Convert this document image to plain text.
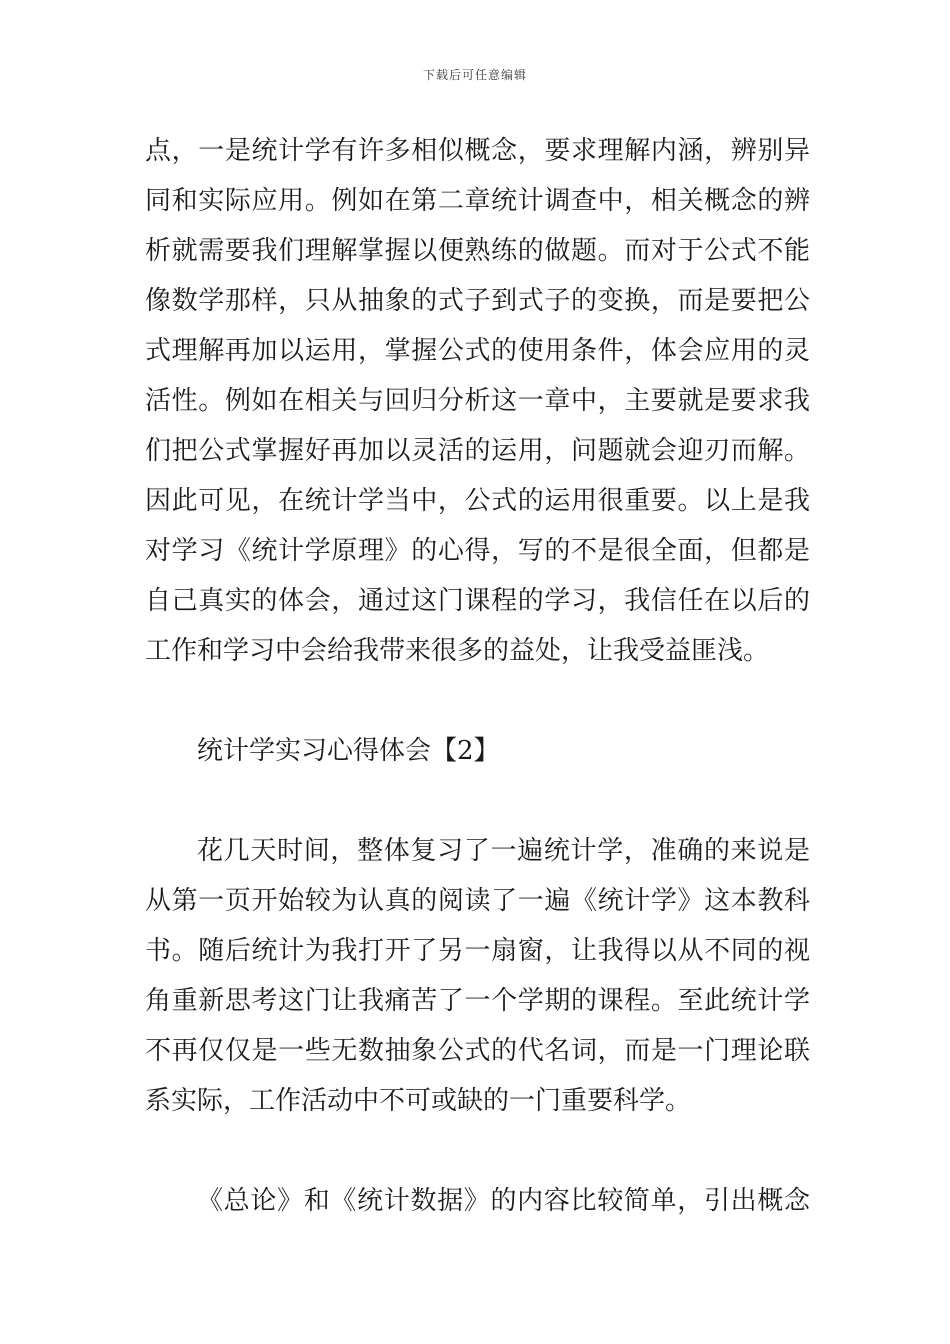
下载后可任意编辑
点，一是统计学有许多相似概念，要求理解内涵，辨别异
同和实际应用。例如在第二章统计调查中，相关概念的辨
析就需要我们理解掌握以便熟练的做题。而对于公式不能
像数学那样，只从抽象的式子到式子的变换，而是要把公
式理解再加以运用，掌握公式的使用条件，体会应用的灵
活性。例如在相关与回归分析这一章中，主要就是要求我
们把公式掌握好再加以灵活的运用，问题就会迎刃而解。
因此可见，在统计学当中，公式的运用很重要。以上是我
对学习《统计学原理》的心得，写的不是很全面，但都是
自己真实的体会，通过这门课程的学习，我信任在以后的
工作和学习中会给我带来很多的益处，让我受益匪浅。
统计学实习心得体会【2】
花几天时间，整体复习了一遍统计学，准确的来说是
从第一页开始较为认真的阅读了一遍《统计学》这本教科
书。随后统计为我打开了另一扇窗，让我得以从不同的视
角重新思考这门让我痛苦了一个学期的课程。至此统计学
不再仅仅是一些无数抽象公式的代名词，而是一门理论联
系实际，工作活动中不可或缺的一门重要科学。
《总论》和《统计数据》的内容比较简单，引出概念
